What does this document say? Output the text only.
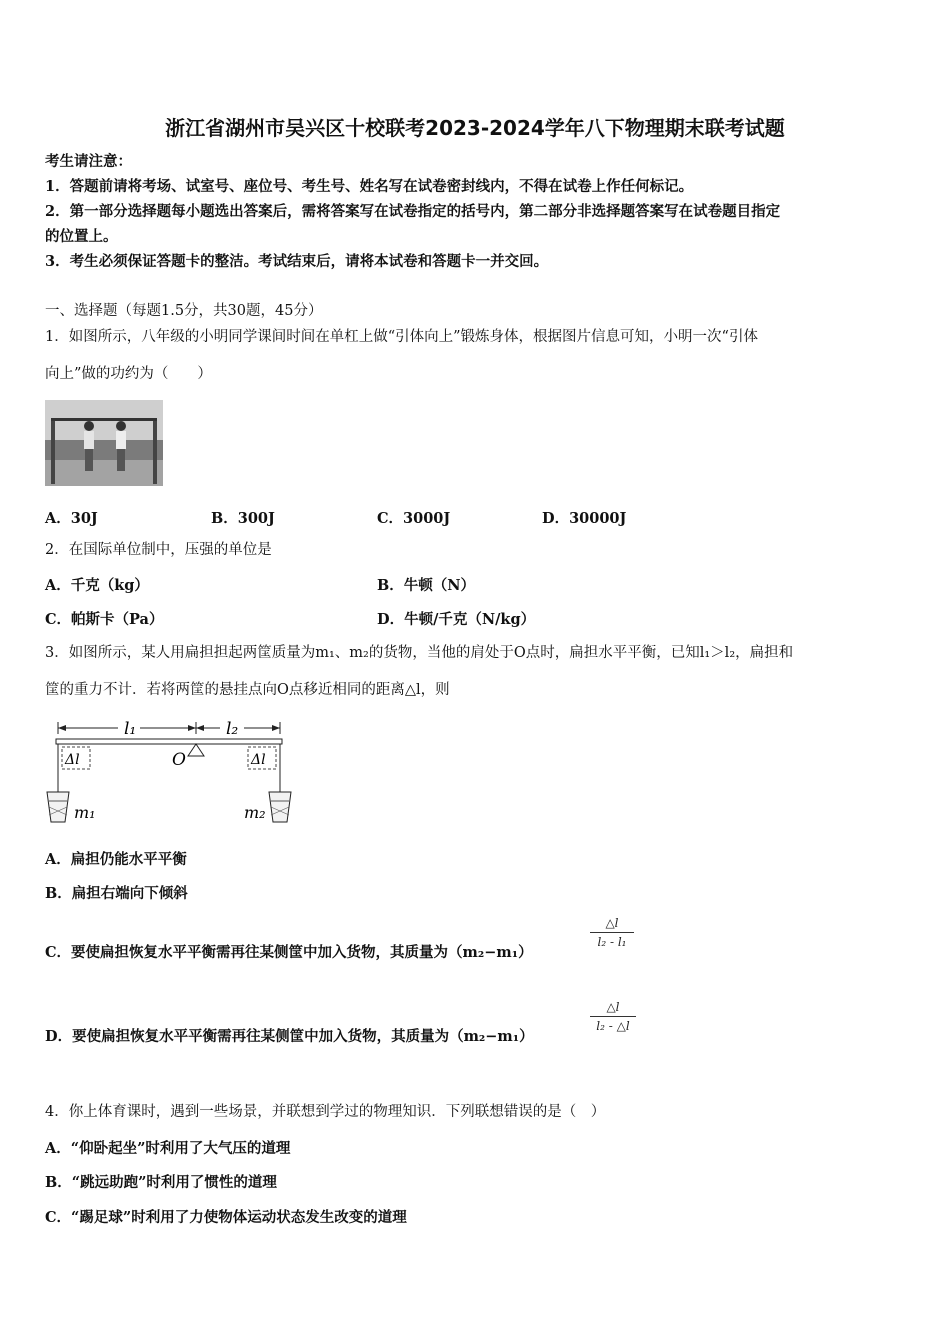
浙江省湖州市吴兴区十校联考2023-2024学年八下物理期末联考试题
考生请注意：
1．答题前请将考场、试室号、座位号、考生号、姓名写在试卷密封线内，不得在试卷上作任何标记。
2．第一部分选择题每小题选出答案后，需将答案写在试卷指定的括号内，第二部分非选择题答案写在试卷题目指定
的位置上。
3．考生必须保证答题卡的整洁。考试结束后，请将本试卷和答题卡一并交回。
一、选择题（每题1.5分，共30题，45分）
1．如图所示，八年级的小明同学课间时间在单杠上做“引体向上”锻炼身体，根据图片信息可知，小明一次“引体
向上”做的功约为（　　）
A．30J	B．300J	C．3000J	D．30000J
2．在国际单位制中，压强的单位是
A．千克（kg）	B．牛顿（N）
C．帕斯卡（Pa）	D．牛顿/千克（N/kg）
3．如图所示，某人用扁担担起两筐质量为m₁、m₂的货物，当他的肩处于O点时，扁担水平平衡，已知l₁＞l₂，扁担和
筐的重力不计．若将两筐的悬挂点向O点移近相同的距离△l，则
l₁	l₂
O
Δl	Δl
m₁	m₂
A．扁担仍能水平平衡
B．扁担右端向下倾斜
C．要使扁担恢复水平平衡需再往某侧筐中加入货物，其质量为（m₂−m₁）
△l
l₂ - l₁
D．要使扁担恢复水平平衡需再往某侧筐中加入货物，其质量为（m₂−m₁）
△l
l₂ - △l
4．你上体育课时，遇到一些场景，并联想到学过的物理知识．下列联想错误的是（　）
A．“仰卧起坐”时利用了大气压的道理
B．“跳远助跑”时利用了惯性的道理
C．“踢足球”时利用了力使物体运动状态发生改变的道理
